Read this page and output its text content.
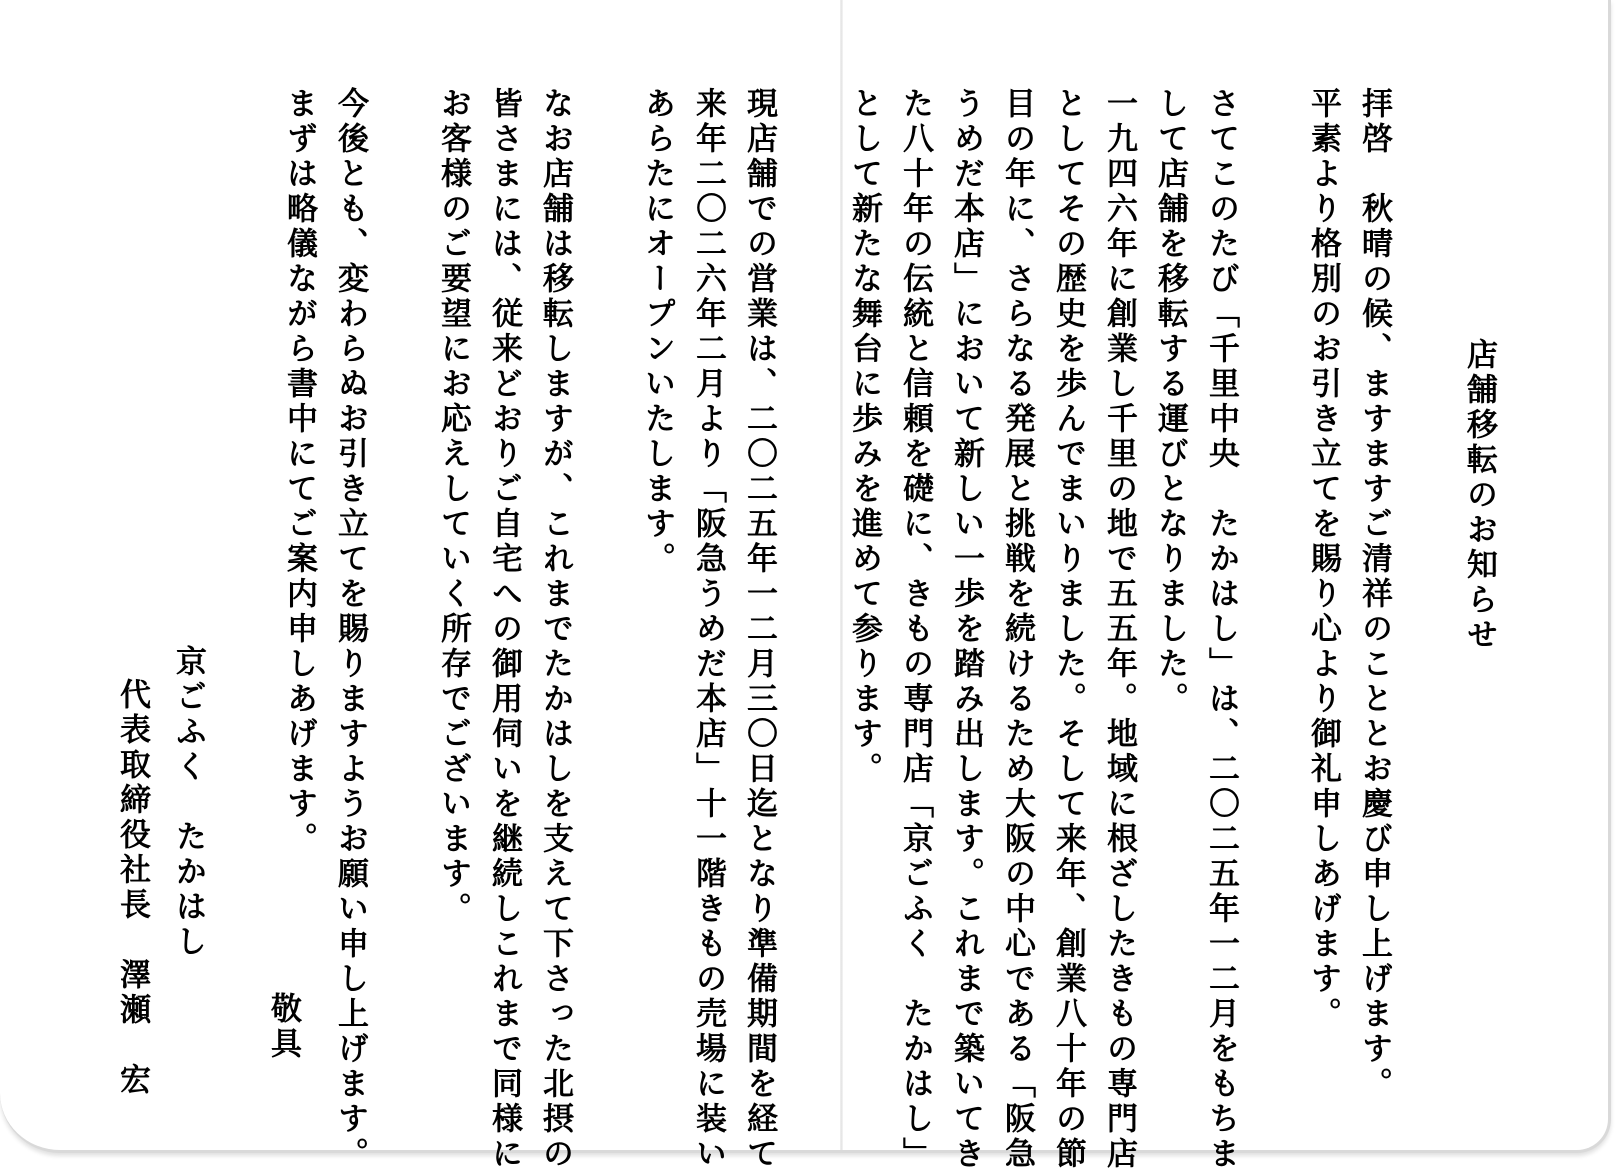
店舗移転のお知らせ
拝啓　秋晴の候、ますますご清祥のこととお慶び申し上げます。
平素より格別のお引き立てを賜り心より御礼申しあげます。
さてこのたび「千里中央　たかはし」は、二〇二五年一二月をもちま
して店舗を移転する運びとなりました。
一九四六年に創業し千里の地で五五年。地域に根ざしたきもの専門店
としてその歴史を歩んでまいりました。そして来年、創業八十年の節
目の年に、さらなる発展と挑戦を続けるため大阪の中心である「阪急
うめだ本店」において新しい一歩を踏み出します。これまで築いてき
た八十年の伝統と信頼を礎に、きもの専門店「京ごふく　たかはし」
として新たな舞台に歩みを進めて参ります。
現店舗での営業は、二〇二五年一二月三〇日迄となり準備期間を経て
来年二〇二六年二月より「阪急うめだ本店」十一階きもの売場に装い
あらたにオープンいたします。
なお店舗は移転しますが、これまでたかはしを支えて下さった北摂の
皆さまには、従来どおりご自宅への御用伺いを継続しこれまで同様に
お客様のご要望にお応えしていく所存でございます。
今後とも、変わらぬお引き立てを賜りますようお願い申し上げます。
まずは略儀ながら書中にてご案内申しあげます。
敬具
京ごふく　たかはし
代表取締役社長　澤瀬　宏
